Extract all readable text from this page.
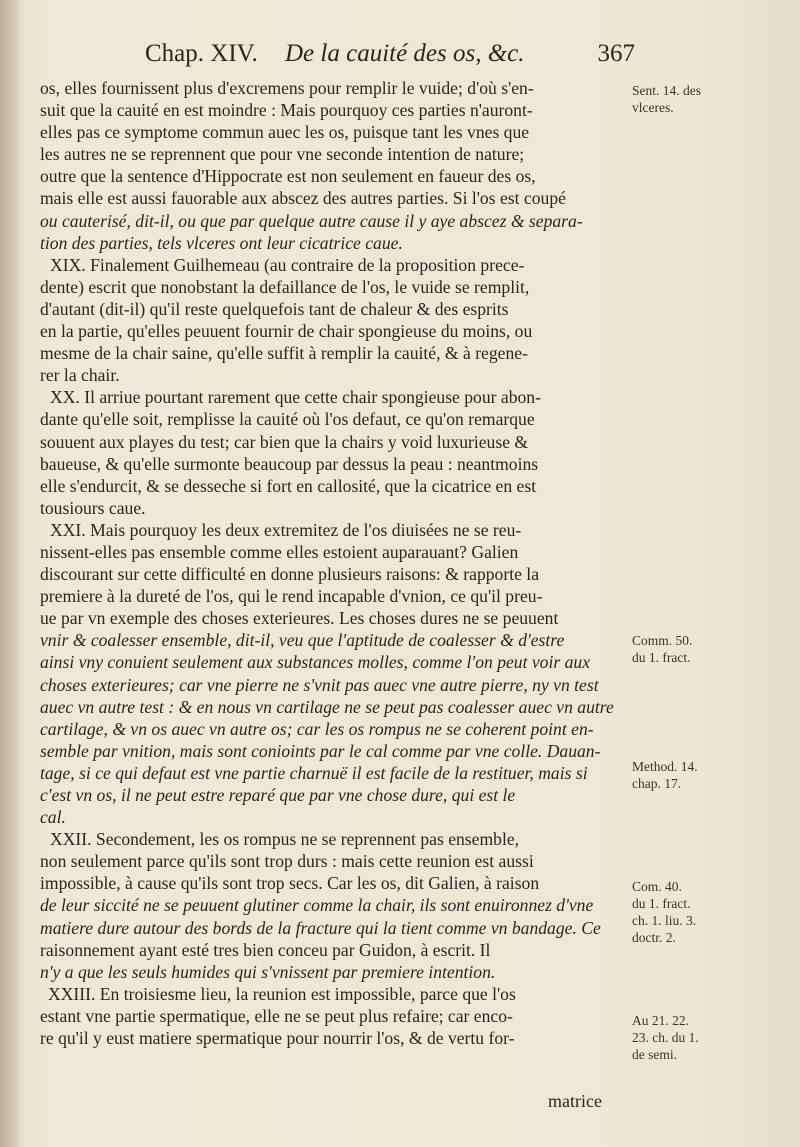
Chap. XIV. De la cauité des os, &c.	367
os, elles fournissent plus d'excremens pour remplir le vuide; d'où s'en-
suit que la cauité en est moindre : Mais pourquoy ces parties n'auront-
elles pas ce symptome commun auec les os, puisque tant les vnes que
les autres ne se reprennent que pour vne seconde intention de nature;
outre que la sentence d'Hippocrate est non seulement en faueur des os,
mais elle est aussi fauorable aux abscez des autres parties. Si l'os est coupé
ou cauterisé, dit-il, ou que par quelque autre cause il y aye abscez & separa-
tion des parties, tels vlceres ont leur cicatrice caue.
XIX. Finalement Guilhemeau (au contraire de la proposition prece-
dente) escrit que nonobstant la defaillance de l'os, le vuide se remplit,
d'autant (dit-il) qu'il reste quelquefois tant de chaleur & des esprits
en la partie, qu'elles peuuent fournir de chair spongieuse du moins, ou
mesme de la chair saine, qu'elle suffit à remplir la cauité, & à regene-
rer la chair.
XX. Il arriue pourtant rarement que cette chair spongieuse pour abon-
dante qu'elle soit, remplisse la cauité où l'os defaut, ce qu'on remarque
souuent aux playes du test; car bien que la chairs y void luxurieuse &
baueuse, & qu'elle surmonte beaucoup par dessus la peau : neantmoins
elle s'endurcit, & se desseche si fort en callosité, que la cicatrice en est
tousiours caue.
XXI. Mais pourquoy les deux extremitez de l'os diuisées ne se reu-
nissent-elles pas ensemble comme elles estoient auparauant? Galien
discourant sur cette difficulté en donne plusieurs raisons: & rapporte la
premiere à la dureté de l'os, qui le rend incapable d'vnion, ce qu'il preu-
ue par vn exemple des choses exterieures. Les choses dures ne se peuuent
vnir & coalesser ensemble, dit-il, veu que l'aptitude de coalesser & d'estre
ainsi vny conuient seulement aux substances molles, comme l'on peut voir aux
choses exterieures; car vne pierre ne s'vnit pas auec vne autre pierre, ny vn test
auec vn autre test : & en nous vn cartilage ne se peut pas coalesser auec vn autre
cartilage, & vn os auec vn autre os; car les os rompus ne se coherent point en-
semble par vnition, mais sont conioints par le cal comme par vne colle. Dauan-
tage, si ce qui defaut est vne partie charnuë il est facile de la restituer, mais si
c'est vn os, il ne peut estre reparé que par vne chose dure, qui est le
cal.
XXII. Secondement, les os rompus ne se reprennent pas ensemble,
non seulement parce qu'ils sont trop durs : mais cette reunion est aussi
impossible, à cause qu'ils sont trop secs. Car les os, dit Galien, à raison
de leur siccité ne se peuuent glutiner comme la chair, ils sont enuironnez d'vne
matiere dure autour des bords de la fracture qui la tient comme vn bandage. Ce
raisonnement ayant esté tres bien conceu par Guidon, à escrit. Il
n'y a que les seuls humides qui s'vnissent par premiere intention.
XXIII. En troisiesme lieu, la reunion est impossible, parce que l'os
estant vne partie spermatique, elle ne se peut plus refaire; car enco-
re qu'il y eust matiere spermatique pour nourrir l'os, & de vertu for-
matrice
Sent. 14. des
vlceres.
Comm. 50.
du 1. fract.
Method. 14.
chap. 17.
Com. 40.
du 1. fract.
ch. 1. liu. 3.
doctr. 2.
Au 21. 22.
23. ch. du 1.
de semi.
